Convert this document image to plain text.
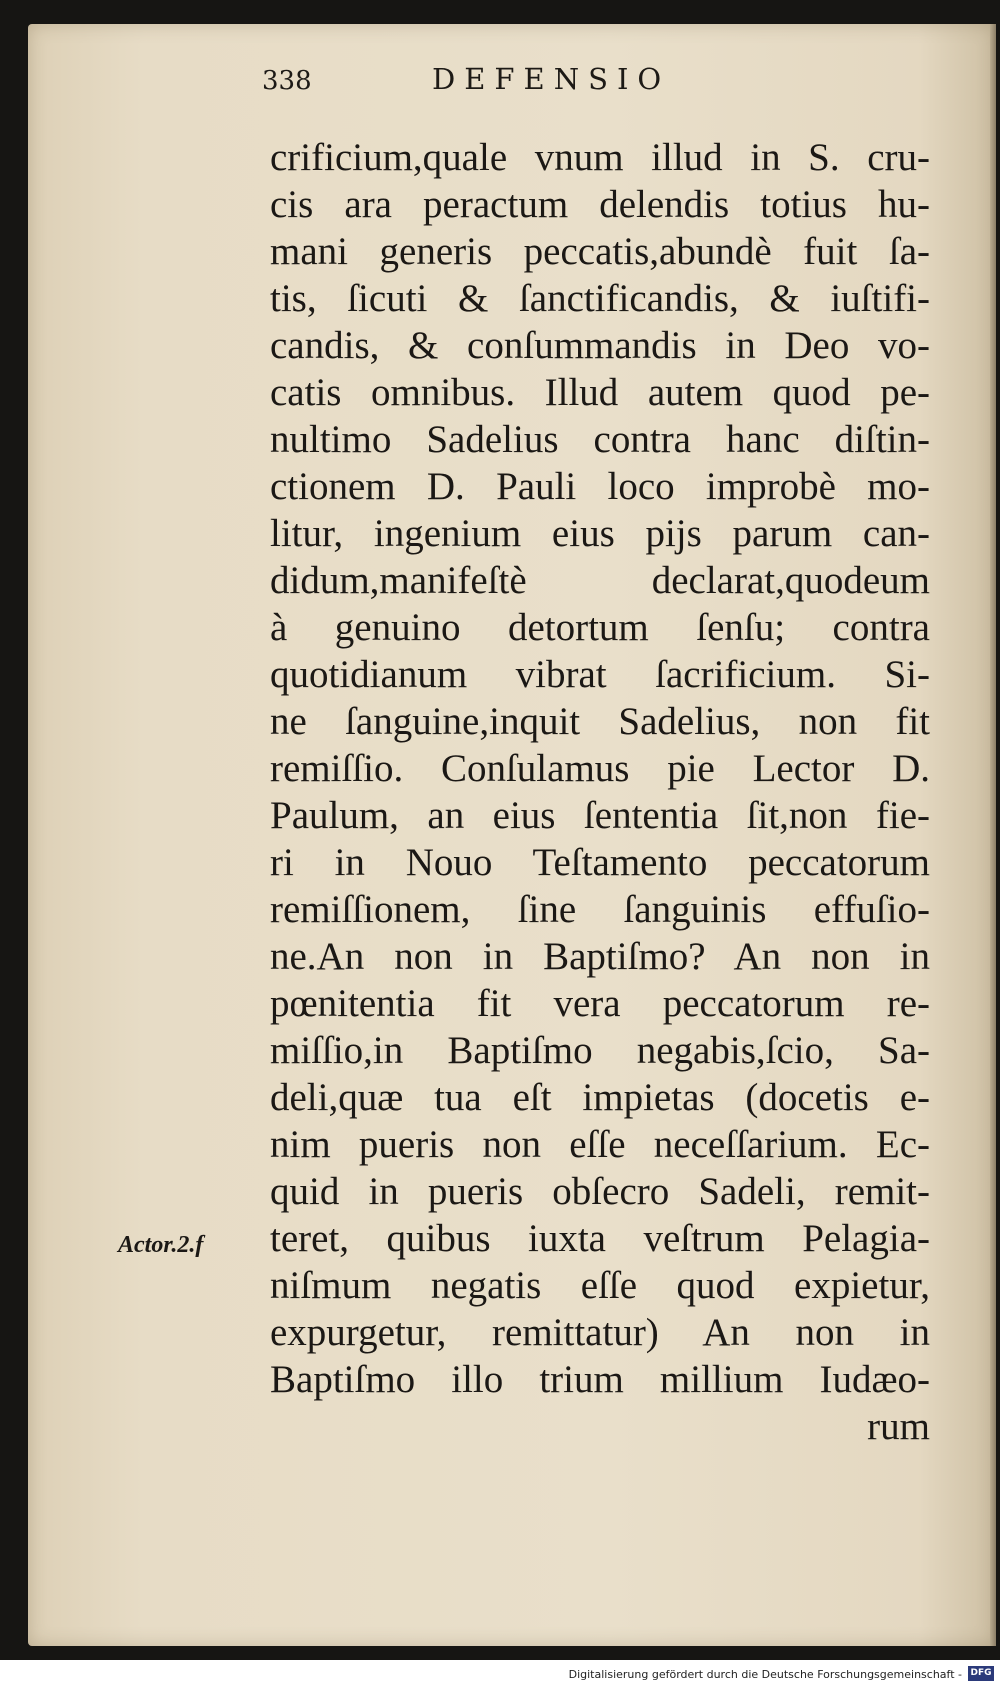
338	DEFENSIO
crificium,quale vnum illud in S. cru-
cis ara peractum delendis totius hu-
mani generis peccatis,abundè fuit ſa-
tis, ſicuti & ſanctificandis, & iuſtifi-
candis, & conſummandis in Deo vo-
catis omnibus. Illud autem quod pe-
nultimo Sadelius contra hanc diſtin-
ctionem D. Pauli loco improbè mo-
litur, ingenium eius pijs parum can-
didum,manifeſtè declarat,quodeum
à genuino detortum ſenſu; contra
quotidianum vibrat ſacrificium. Si-
ne ſanguine,inquit Sadelius, non fit
remiſſio. Conſulamus pie Lector D.
Paulum, an eius ſententia ſit,non fie-
ri in Nouo Teſtamento peccatorum
remiſſionem, ſine ſanguinis effuſio-
ne.An non in Baptiſmo? An non in
pœnitentia fit vera peccatorum re-
miſſio,in Baptiſmo negabis,ſcio, Sa-
deli,quæ tua eſt impietas (docetis e-
nim pueris non eſſe neceſſarium. Ec-
quid in pueris obſecro Sadeli, remit-
teret, quibus iuxta veſtrum Pelagia-
niſmum negatis eſſe quod expietur,
expurgetur, remittatur) An non in
Baptiſmo illo trium millium Iudæo-
rum
Actor.2.f
Digitalisierung gefördert durch die Deutsche Forschungsgemeinschaft - DFG
